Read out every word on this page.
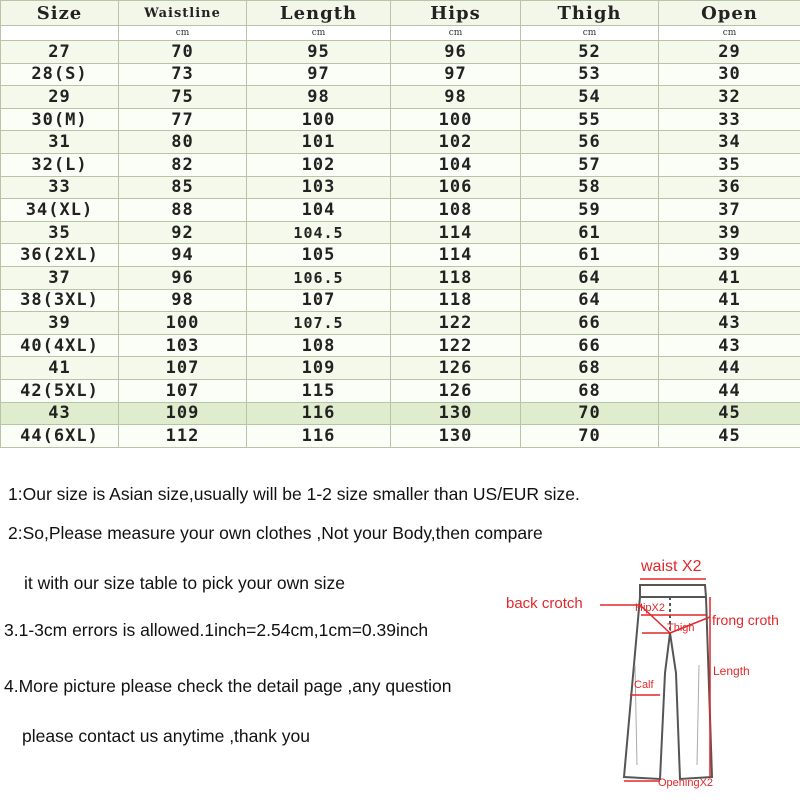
Size	Waistline	Length	Hips	Thigh	Open
	cm	cm	cm	cm	cm
27	70	95	96	52	29
28(S)	73	97	97	53	30
29	75	98	98	54	32
30(M)	77	100	100	55	33
31	80	101	102	56	34
32(L)	82	102	104	57	35
33	85	103	106	58	36
34(XL)	88	104	108	59	37
35	92	104.5	114	61	39
36(2XL)	94	105	114	61	39
37	96	106.5	118	64	41
38(3XL)	98	107	118	64	41
39	100	107.5	122	66	43
40(4XL)	103	108	122	66	43
41	107	109	126	68	44
42(5XL)	107	115	126	68	44
43	109	116	130	70	45
44(6XL)	112	116	130	70	45
1:Our size is Asian size,usually will be 1-2 size smaller than US/EUR size.
2:So,Please measure your own clothes ,Not your Body,then compare
it with our size table to pick your own size
3.1-3cm errors is allowed.1inch=2.54cm,1cm=0.39inch
4.More picture please check the detail page ,any question
please contact us anytime ,thank you
waist X2
back crotch	HipX2
Thigh frong croth
Length
Calf
OpeningX2
